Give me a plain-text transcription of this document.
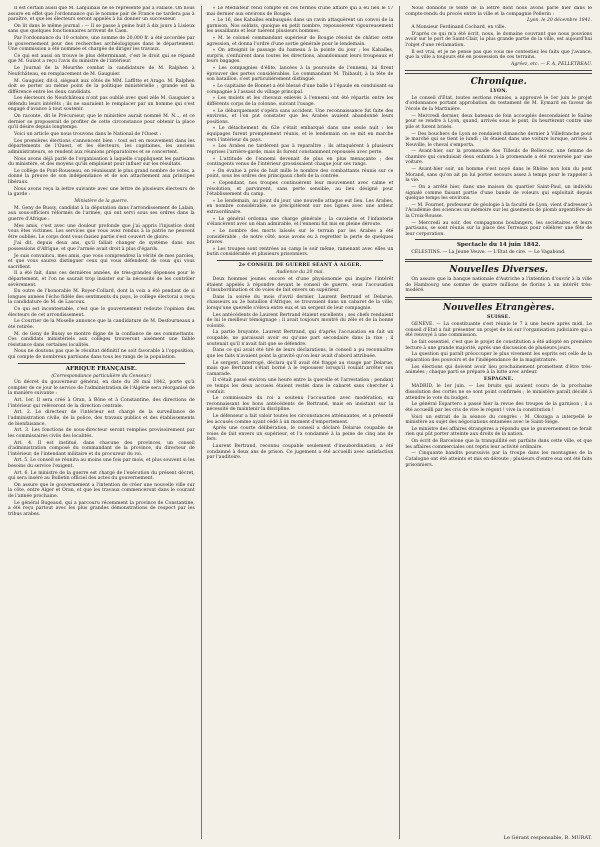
Il est certain aussi que M. Lanjuinais ne se représente pas à Falaise. On nous assure en effet que l'ordonnance qui le nomme pair de France ne tardera pas à paraître, et que les électeurs seront appelés à lui donner un successeur.

On lit dans le même journal : — Il se passe à peine huit à dix jours à Lisieux sans que quelques fonctionnaires arrivent de Caen.

Par l'ordonnance du 10 octobre, une somme de 20,000 fr. a été accordée par le gouvernement pour des recherches archéologiques dans le département. Une commission a été nommée et chargée de diriger les travaux.

Ce qui est aussi on trouve le plus déterminant, c'est le droit qui se répand que M. Guizot a reçu l'avis du ministre de l'intérieur.

Le Journal de la Meurthe combat la candidature de M. Ralphen à Neufchâteau, en remplacement de M. Gauguier.

M. Gauguier, dit-il, siégeait aux côtés de MM. Laffitte et Arago. M. Ralphen doit se porter au même point de la politique ministérielle ; grande est la différence entre les deux candidats.

Les électeurs de Neufchâteau n'ont pas oublié avec quel zèle M. Gauguier a défendu leurs intérêts ; ils ne sauraient le remplacer par un homme qui s'est engagé d'avance à tout soutenir.

On raconte, dit le Précurseur, que le ministère aurait nommé M. N..., et ce dernier se proposerait de profiter de cette circonstance pour obtenir la place qu'il désire depuis longtemps.

Voici un article que nous trouvons dans le National de l'Ouest :

Les premières élections s'annoncent bien : tout est en mouvement dans les départements de l'Ouest, et les électeurs, les capitaines, les anciens administrateurs, se rendent aux réunions préparatoires et se concertent.

Nous avons déjà parlé de l'organisation à laquelle s'appliquent les partisans du ministère, et des moyens qu'ils emploient pour influer sur les résultats.

Le collège de Pont-Rousseau, en réunissant le plus grand nombre de votes, a donné la preuve de son indépendance et de son attachement aux principes libéraux.

Nous avons reçu la lettre suivante avec une lettre de plusieurs électeurs de la garde :

Ministère de la guerre.

M. Geny de Bussy, candidat à la députation dans l'arrondissement de Lalain, aux sous-officiers réformés de l'armée, qui ont servi sous ses ordres dans la guerre d'Afrique :

Mes amis, c'est avec une douleur profonde que j'ai appris l'injustice dont vous êtes victimes. Les services que vous avez rendus à la patrie ne peuvent être oubliés. Le corps dont vous faisiez partie s'est couvert de gloire.

J'ai dit, depuis deux ans, qu'il fallait changer de système dans nos possessions d'Afrique, et que l'armée avait droit à plus d'égards.

Je suis convaincu, mes amis, que vous comprendrez la vérité de mes paroles, et que vous saurez distinguer ceux qui vous défendent de ceux qui vous sacrifient.

Il a été fait, dans ces dernières années, de très-grandes dépenses pour le département, et l'on ne saurait trop insister sur la nécessité de les contrôler sévèrement.

En outre de l'honorable M. Royer-Collard, dont la voix a été pendant de si longues années l'écho fidèle des sentiments du pays, le collège électoral a reçu la candidature de M. de Lascoux.

Ce qui est incontestable, c'est que le gouvernement redoute l'opinion des électeurs de cet arrondissement.

Le Courrier de la Moselle annonce que la candidature de M. Desfourneaux a été retirée.

M. de Geny de Bussy se montre digne de la confiance de ses commettants. Ces candidats ministériels aux collèges trouveront aisément une faible résistance dans certaines localités.

Nous ne doutons pas que le résultat définitif ne soit favorable à l'opposition, qui compte de nombreux partisans dans tous les rangs de la population.

AFRIQUE FRANÇAISE.

(Correspondance particulière du Censeur.)

Un décret du gouverneur général, en date du 28 mai 1842, porte qu'à compter de ce jour le service de l'administration de l'Algérie sera réorganisé de la manière suivante :

Art. 1er. Il sera créé à Oran, à Bône et à Constantine, des directions de l'intérieur qui relèveront de la direction centrale.

Art. 2. Le directeur de l'intérieur est chargé de la surveillance de l'administration civile, de la police, des travaux publics et des établissements de bienfaisance.

Art. 3. Les fonctions de sous-directeur seront remplies provisoirement par les commissaires civils des localités.

Art. 4. Il est institué, dans chacune des provinces, un conseil d'administration composé du commandant de la province, du directeur de l'intérieur, de l'intendant militaire et du procureur du roi.

Art. 5. Le conseil se réunira au moins une fois par mois, et plus souvent si les besoins du service l'exigent.

Art. 6. Le ministre de la guerre est chargé de l'exécution du présent décret, qui sera inséré au Bulletin officiel des actes du gouvernement.

On assure que le gouvernement a l'intention de créer une nouvelle ville sur la côte, entre Alger et Oran, et que les travaux commenceront dans le courant de l'année prochaine.

Le général Bugeaud, qui a parcouru récemment la province de Constantine, a été reçu partout avec les plus grandes démonstrations de respect par les tribus arabes.

« Le Médiateur rend compte en ces termes d'une affaire qui a eu lieu le 17 mai dernier aux environs de Bougie.

« Le 16, des Kabaïles embusqués dans un ravin attaquèrent un convoi de la garnison. Nos soldats, quoique en petit nombre, repoussèrent vigoureusement les assaillants et leur tuèrent plusieurs hommes.

« M. le colonel commandant supérieur de Bougie résolut de châtier cette agression, et donna l'ordre d'une sortie générale pour le lendemain.

« On atteignit le passage du hameau à la pointe du jour ; les Kabaïles, surpris, s'enfuirent dans toutes les directions, abandonnant leurs troupeaux et leurs bagages.

« Les compagnies d'élite, lancées à la poursuite de l'ennemi, lui firent éprouver des pertes considérables. Le commandant M. Thibault, à la tête de son bataillon, s'est particulièrement distingué.

« Le capitaine de Bonnet a été blessé d'une balle à l'épaule en conduisant sa compagnie à l'assaut du village principal.

« Les mulets et les chevaux enlevés à l'ennemi ont été répartis entre les différents corps de la colonne, suivant l'usage.

« Le débarquement s'opéra sans accident. Une reconnaissance fut faite des environs, et l'on put constater que les Arabes avaient abandonné leurs positions.

« Le détachement du 62e s'était embarqué dans une seule nuit : les équipages furent promptement réunis, et le lendemain on se mit en marche vers l'intérieur du pays.

« Les Arabes ne tardèrent pas à reparaître ; ils attaquèrent à plusieurs reprises l'arrière-garde, mais ils furent constamment repoussés avec perte.

« L'attitude de l'ennemi devenait de plus en plus menaçante ; des contingents venus de l'intérieur grossissaient chaque jour ses rangs.

« On évalue à près de huit mille le nombre des combattants réunis sur ce point, sous les ordres des principaux chefs de la contrée.

« Cependant, nos troupes continuèrent leur mouvement avec calme et résolution, et parvinrent, sans perte sensible, au lieu désigné pour l'établissement du camp.

« Le lendemain, au point du jour, une nouvelle attaque eut lieu. Les Arabes, en nombre considérable, se précipitèrent sur nos lignes avec une ardeur extraordinaire.

« Le général ordonna une charge générale ; la cavalerie et l'infanterie s'élancèrent avec un élan admirable, et l'ennemi fut mis en pleine déroute.

« Le nombre des morts laissés sur le terrain par les Arabes a été considérable ; de notre côté, nous avons eu à regretter la perte de quelques braves.

« Les troupes sont rentrées au camp le soir même, ramenant avec elles un butin considérable et plusieurs prisonniers.

2e CONSEIL DE GUERRE SÉANT À ALGER.

Audience du 20 mai.

Deux hommes jeunes encore et d'une physionomie qui inspire l'intérêt étaient appelés à répondre devant le conseil de guerre, sous l'accusation d'insubordination et de voies de fait envers un supérieur.

Dans la soirée du mois d'avril dernier, Laurent Bertrand et Delarue, chasseurs au 2e bataillon d'Afrique, se trouvaient dans un cabaret de la ville, lorsqu'une querelle s'éleva entre eux et un sergent de leur compagnie.

Les antécédents de Laurent Bertrand étaient excellents ; ses chefs rendaient de lui le meilleur témoignage ; il avait toujours montré du zèle et de la bonne volonté.

La partie bruyante, Laurent Bertrand, qui d'après l'accusation en fait un coupable, ne paraissait avoir eu qu'une part secondaire dans la rixe ; il soutenait qu'il n'avait fait que se défendre.

Dans ce qui avait été tiré de leurs déclarations, le conseil a pu reconnaître que les faits n'avaient point la gravité qu'on leur avait d'abord attribuée.

Le sergent, interrogé, déclara qu'il avait été frappé au visage par Delarue, mais que Bertrand s'était borné à le repousser lorsqu'il voulait arrêter son camarade.

Il s'était passé environ une heure entre la querelle et l'arrestation ; pendant ce temps les deux accusés étaient restés dans le cabaret sans chercher à s'enfuir.

Le commissaire du roi a soutenu l'accusation avec modération, en reconnaissant les bons antécédents de Bertrand, mais en insistant sur la nécessité de maintenir la discipline.

Le défenseur a fait valoir toutes les circonstances atténuantes, et a présenté les accusés comme ayant cédé à un moment d'emportement.

Après une courte délibération, le conseil a déclaré Delarue coupable de voies de fait envers un supérieur, et l'a condamné à la peine de cinq ans de fers.

Laurent Bertrand, reconnu coupable seulement d'insubordination, a été condamné à deux ans de prison. Ce jugement a été accueilli avec satisfaction par l'auditoire.

Nous donnons le texte de la lettre dont nous avons parlé hier dans le compte-rendu du procès entre la ville et la compagnie Pellerin :

Lyon, le 20 décembre 1841.

A Monsieur Ferdinand Cochard, en ville.

D'après ce qui m'a été écrit, nous, le domaine couvrant que nous pouvions avoir sur le port de Saint-Clair, la plus grande partie de la ville, est aujourd'hui l'objet d'une réclamation.

Il est vrai, et je ne pense pas que vous me contestiez les faits que j'avance, que la ville a toujours été en possession de ces terrains.

Agréez, etc. — F. A. PELLETREAU.

Chronique.
LYON.

Le conseil d'Etat, toutes sections réunies, a approuvé le 1er juin le projet d'ordonnance portant approbation du testament de M. Eymard en faveur de l'école de la Martinière.

— Mercredi dernier, deux bateaux de foin accouplés descendaient le Saône pour se rendre à Lyon, quand, arrivés sous le pont, ils heurtèrent contre une pile et furent brisés.

— Des bouchers de Lyon se rendaient dimanche dernier à Villefranche pour le marché qui se tient le lundi ; ils étaient dans une voiture lorsque, arrivés à Neuville, le cheval s'emporta.

— Avant-hier, sur la promenade des Tilleuls de Bellecour, une femme de chambre qui conduisait deux enfants à la promenade a été renversée par une voiture.

— Avant-hier soir, un homme s'est noyé dans le Rhône non loin du pont Morand, sans qu'on ait pu lui porter secours assez à temps pour le rappeler à la vie.

— On a arrêté hier, dans une maison du quartier Saint-Paul, un individu signalé comme faisant partie d'une bande de voleurs qui exploitait depuis quelque temps les environs.

— M. Fournet, professeur de géologie à la faculté de Lyon, vient d'adresser à l'Académie des sciences un mémoire sur les gisements de plomb argentifère de la Croix-Rousse.

— Mercredi au soir, des compagnons boulangers, les sociétaires et leurs partisans, se sont réunis sur la place des Terreaux pour célébrer une fête de leur corporation.

Spectacle du 14 juin 1842.

CÉLESTINS. — La Jeune Veuve. — L'Etat de cire. — Le Vagabond.

Nouvelles Diverses.

On assure que la banque nationale d'Autriche a l'intention d'ouvrir à la ville de Hambourg une somme de quatre millions de florins à un intérêt très-modéré.

Nouvelles Etrangères.
SUISSE.

GENÈVE. — La constituante s'est réunie le 7 à une heure après midi. Le conseil d'Etat a fait présenter un projet de loi sur l'organisation judiciaire qui a été renvoyé à une commission.

Le fait essentiel, c'est que le projet de constitution a été adopté en première lecture à une grande majorité, après une discussion de plusieurs jours.

La question qui paraît préoccuper le plus vivement les esprits est celle de la séparation des pouvoirs et de l'indépendance de la magistrature.

Les élections qui doivent avoir lieu prochainement promettent d'être très-animées ; chaque parti se prépare à la lutte avec ardeur.

ESPAGNE.

MADRID, le 1er juin. — Les bruits qui avaient couru de la prochaine dissolution des cortès ne se sont point confirmés ; le ministère paraît décidé à attendre le vote du budget.

Le général Espartero a passé hier la revue des troupes de la garnison ; il a été accueilli par les cris de vive le régent ! vive la constitution !

Voici un extrait de la séance du congrès : M. Olozaga a interpellé le ministère au sujet des négociations entamées avec le Saint-Siége.

Le ministre des affaires étrangères a répondu que le gouvernement ne ferait rien qui pût porter atteinte aux droits de la nation.

On écrit de Barcelone que la tranquillité est parfaite dans cette ville, et que les affaires commerciales ont repris leur activité ordinaire.

— Cinquante bandits poursuivis par la troupe dans les montagnes de la Catalogne ont été atteints et mis en déroute ; plusieurs d'entre eux ont été faits prisonniers.

Le Gérant responsable, B. MURAT.
